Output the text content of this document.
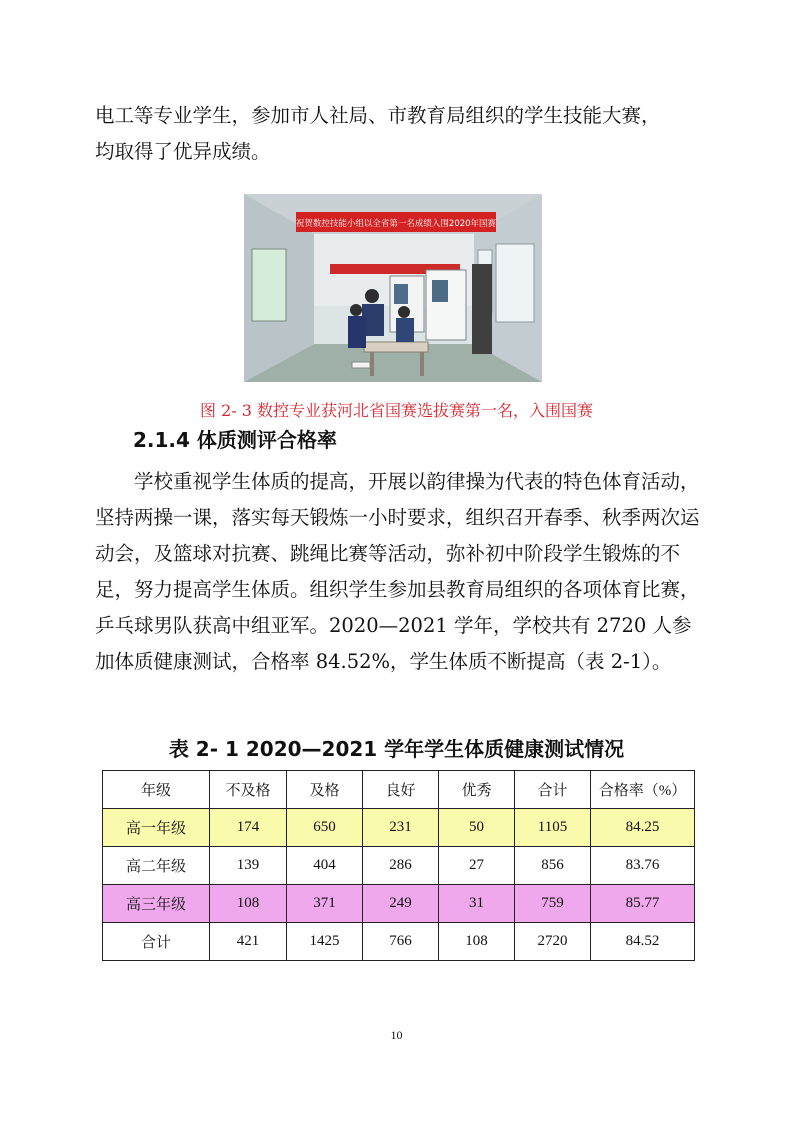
电工等专业学生，参加市人社局、市教育局组织的学生技能大赛，
均取得了优异成绩。
祝贺数控技能小组以全省第一名成绩入围2020年国赛
图 2- 3 数控专业获河北省国赛选拔赛第一名，入围国赛
2.1.4 体质测评合格率

学校重视学生体质的提高，开展以韵律操为代表的特色体育活动，坚持两操一课，落实每天锻炼一小时要求，组织召开春季、秋季两次运动会，及篮球对抗赛、跳绳比赛等活动，弥补初中阶段学生锻炼的不足，努力提高学生体质。组织学生参加县教育局组织的各项体育比赛，乒乓球男队获高中组亚军。2020—2021 学年，学校共有 2720 人参加体质健康测试，合格率 84.52%，学生体质不断提高（表 2-1）。

表 2- 1 2020—2021 学年学生体质健康测试情况
年级	不及格	及格	良好	优秀	合计	合格率（%）
高一年级	174	650	231	50	1105	84.25
高二年级	139	404	286	27	856	83.76
高三年级	108	371	249	31	759	85.77
合计	421	1425	766	108	2720	84.52
10
